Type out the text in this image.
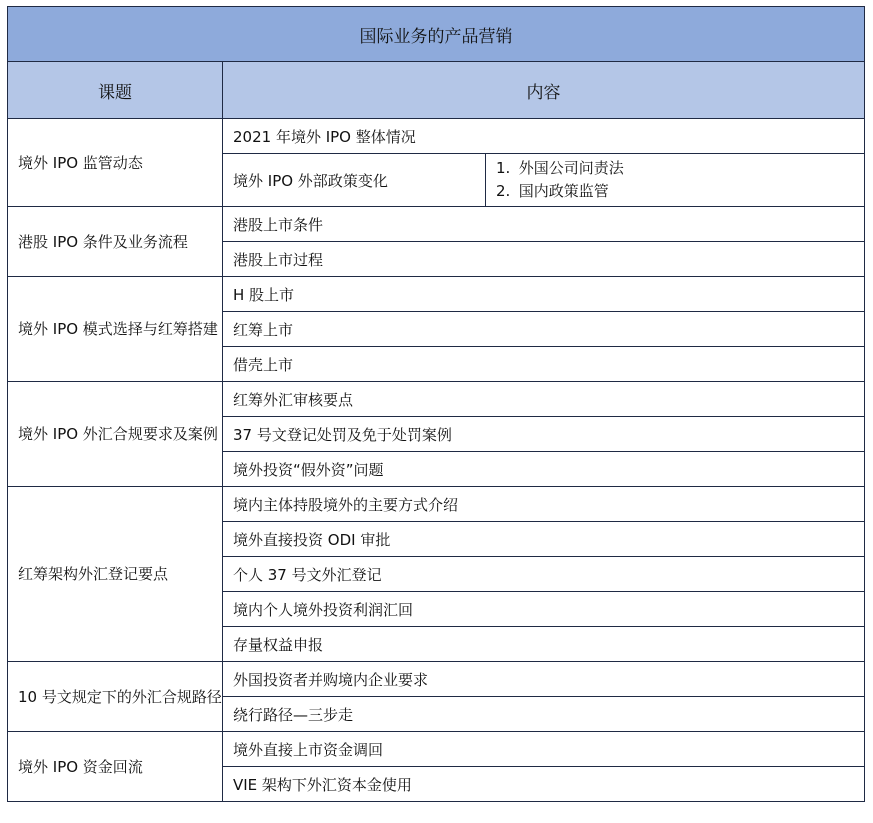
国际业务的产品营销		
课题	内容	
境外 IPO 监管动态	2021 年境外 IPO 整体情况	
	境外 IPO 外部政策变化	1. 外国公司问责法
2. 国内政策监管

港股 IPO 条件及业务流程	港股上市条件	
	港股上市过程	
境外 IPO 模式选择与红筹搭建	H 股上市	
	红筹上市	
	借壳上市	
境外 IPO 外汇合规要求及案例	红筹外汇审核要点	
	37 号文登记处罚及免于处罚案例	
	境外投资“假外资”问题	
红筹架构外汇登记要点	境内主体持股境外的主要方式介绍	
	境外直接投资 ODI 审批	
	个人 37 号文外汇登记	
	境内个人境外投资利润汇回	
	存量权益申报	
10 号文规定下的外汇合规路径	外国投资者并购境内企业要求	
	绕行路径—三步走	
境外 IPO 资金回流	境外直接上市资金调回	
	VIE 架构下外汇资本金使用	
